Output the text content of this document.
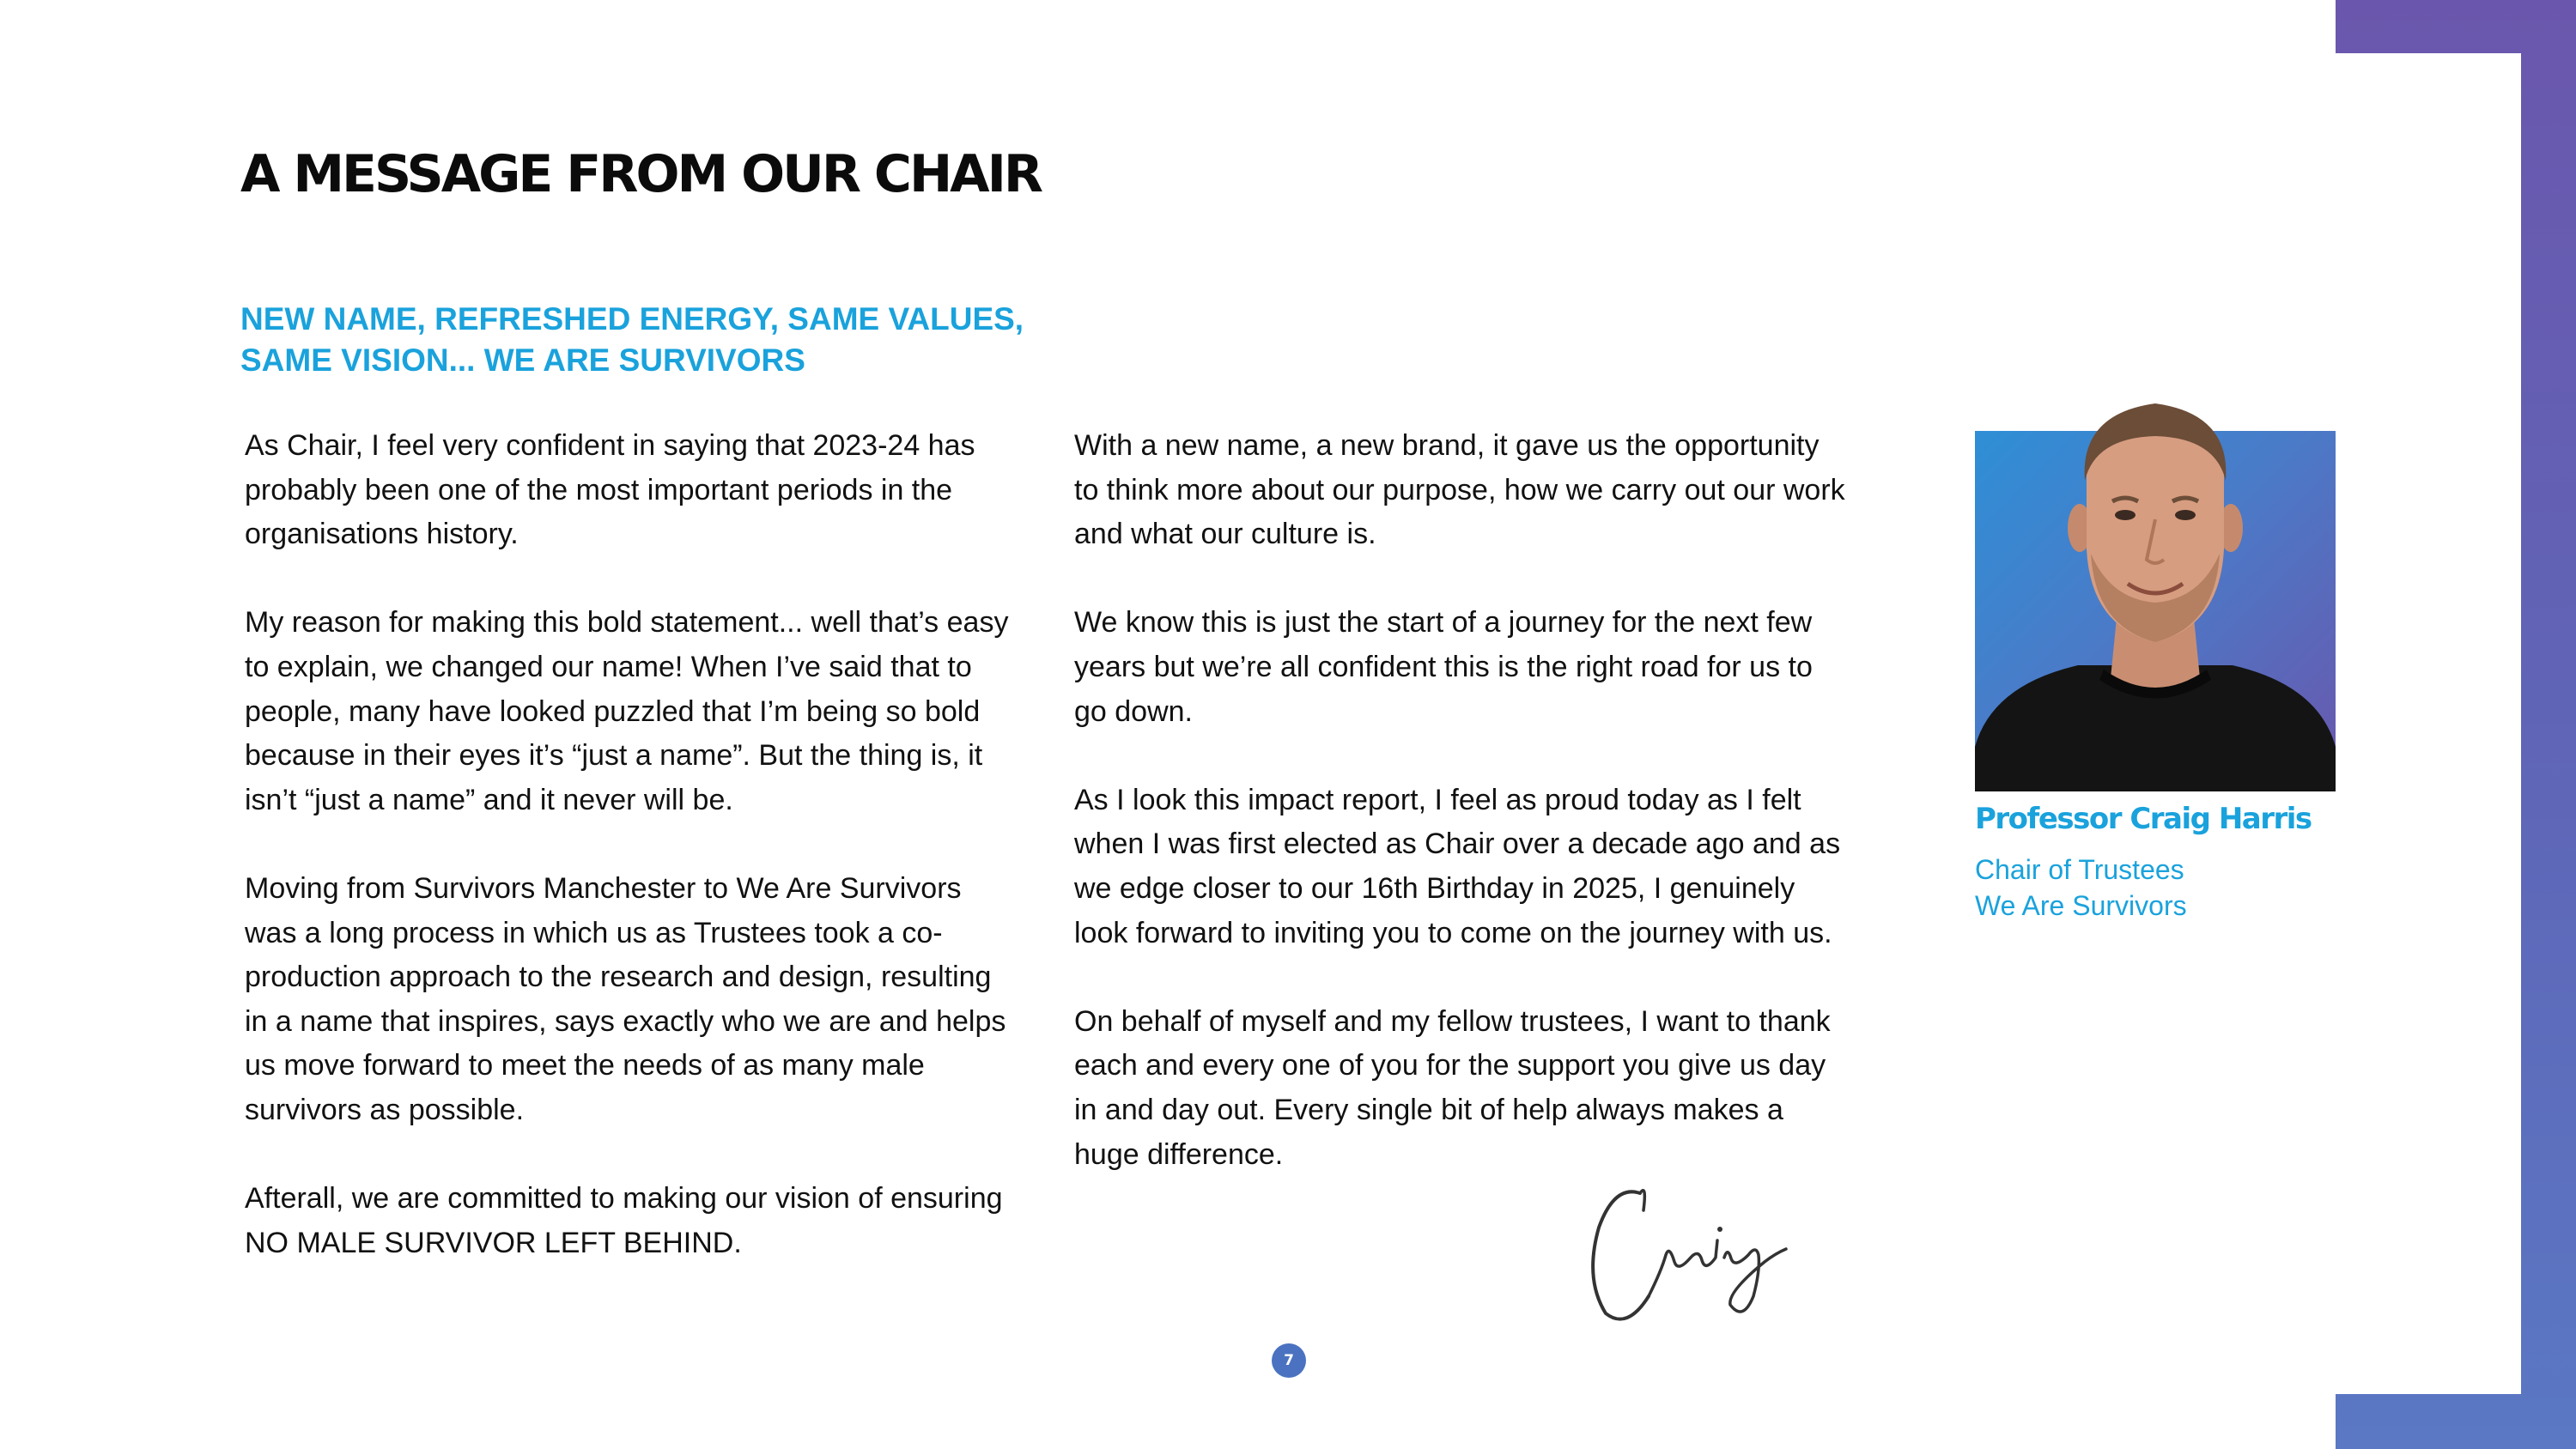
A MESSAGE FROM OUR CHAIR
NEW NAME, REFRESHED ENERGY, SAME VALUES,
SAME VISION... WE ARE SURVIVORS

As Chair, I feel very confident in saying that 2023-24 has probably been one of the most important periods in the organisations history.

My reason for making this bold statement... well that’s easy to explain, we changed our name! When I’ve said that to people, many have looked puzzled that I’m being so bold because in their eyes it’s “just a name”. But the thing is, it isn’t “just a name” and it never will be.

Moving from Survivors Manchester to We Are Survivors was a long process in which us as Trustees took a co-production approach to the research and design, resulting in a name that inspires, says exactly who we are and helps us move forward to meet the needs of as many male survivors as possible.

Afterall, we are committed to making our vision of ensuring NO MALE SURVIVOR LEFT BEHIND.

With a new name, a new brand, it gave us the opportunity to think more about our purpose, how we carry out our work and what our culture is.

We know this is just the start of a journey for the next few years but we’re all confident this is the right road for us to go down.

As I look this impact report, I feel as proud today as I felt when I was first elected as Chair over a decade ago and as we edge closer to our 16th Birthday in 2025, I genuinely look forward to inviting you to come on the journey with us.

On behalf of myself and my fellow trustees, I want to thank each and every one of you for the support you give us day in and day out. Every single bit of help always makes a huge difference.

Professor Craig Harris
Chair of Trustees
We Are Survivors
7
